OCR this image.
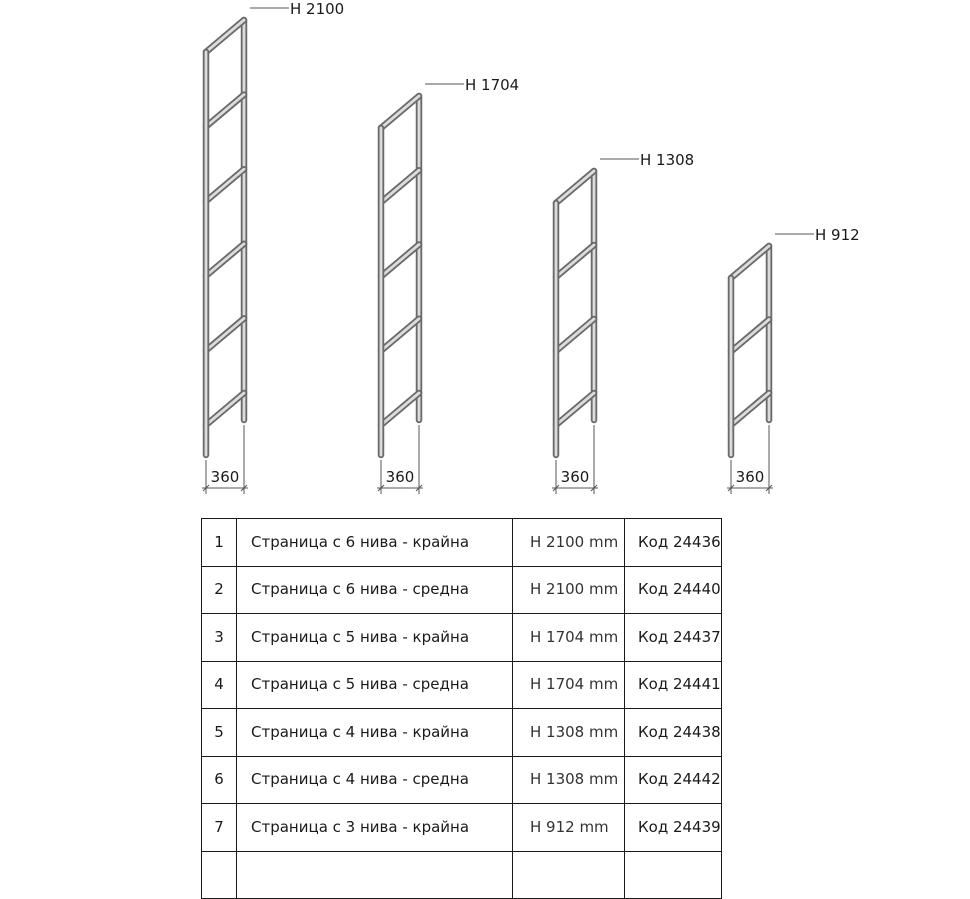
H 2100
360
H 1704
360
H 1308
360
H 912
360
1	Страница с 6 нива - крайна	H 2100 mm	Код 24436
2	Страница с 6 нива - средна	H 2100 mm	Код 24440
3	Страница с 5 нива - крайна	H 1704 mm	Код 24437
4	Страница с 5 нива - средна	H 1704 mm	Код 24441
5	Страница с 4 нива - крайна	H 1308 mm	Код 24438
6	Страница с 4 нива - средна	H 1308 mm	Код 24442
7	Страница с 3 нива - крайна	H 912 mm	Код 24439
